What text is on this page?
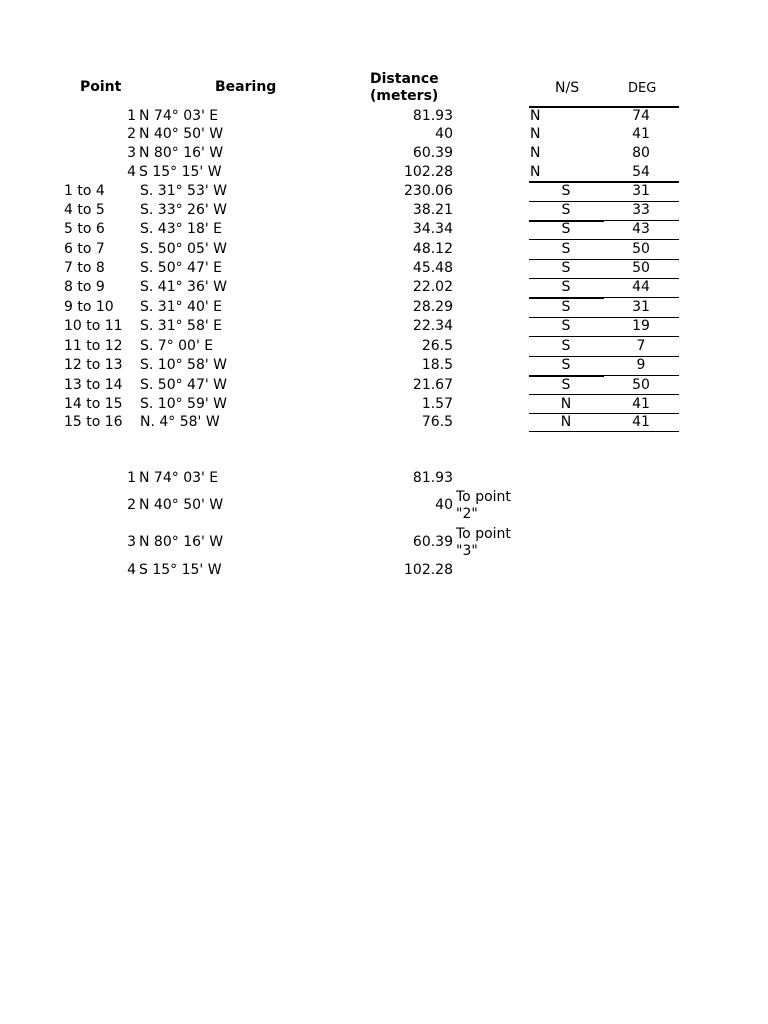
Point	Bearing	Distance
(meters)	N/S	DEG
1 N 74° 03' E	81.93	N	74
2 N 40° 50' W	40	N	41
3 N 80° 16' W	60.39	N	80
4 S 15° 15' W	102.28	N	54
1 to 4	S. 31° 53' W	230.06	S	31
4 to 5	S. 33° 26' W	38.21	S	33
5 to 6	S. 43° 18' E	34.34	S	43
6 to 7	S. 50° 05' W	48.12	S	50
7 to 8	S. 50° 47' E	45.48	S	50
8 to 9	S. 41° 36' W	22.02	S	44
9 to 10 S. 31° 40' E	28.29	S	31
10 to 11 S. 31° 58' E	22.34	S	19
11 to 12 S. 7° 00' E	26.5	S	7
12 to 13 S. 10° 58' W	18.5	S	9
13 to 14 S. 50° 47' W	21.67	S	50
14 to 15 S. 10° 59' W	1.57	N	41
15 to 16 N. 4° 58' W	76.5	N	41
1 N 74° 03' E	81.93
2 N 40° 50' W	40 To point "2"
3 N 80° 16' W	60.39 To point "3"
4 S 15° 15' W	102.28
